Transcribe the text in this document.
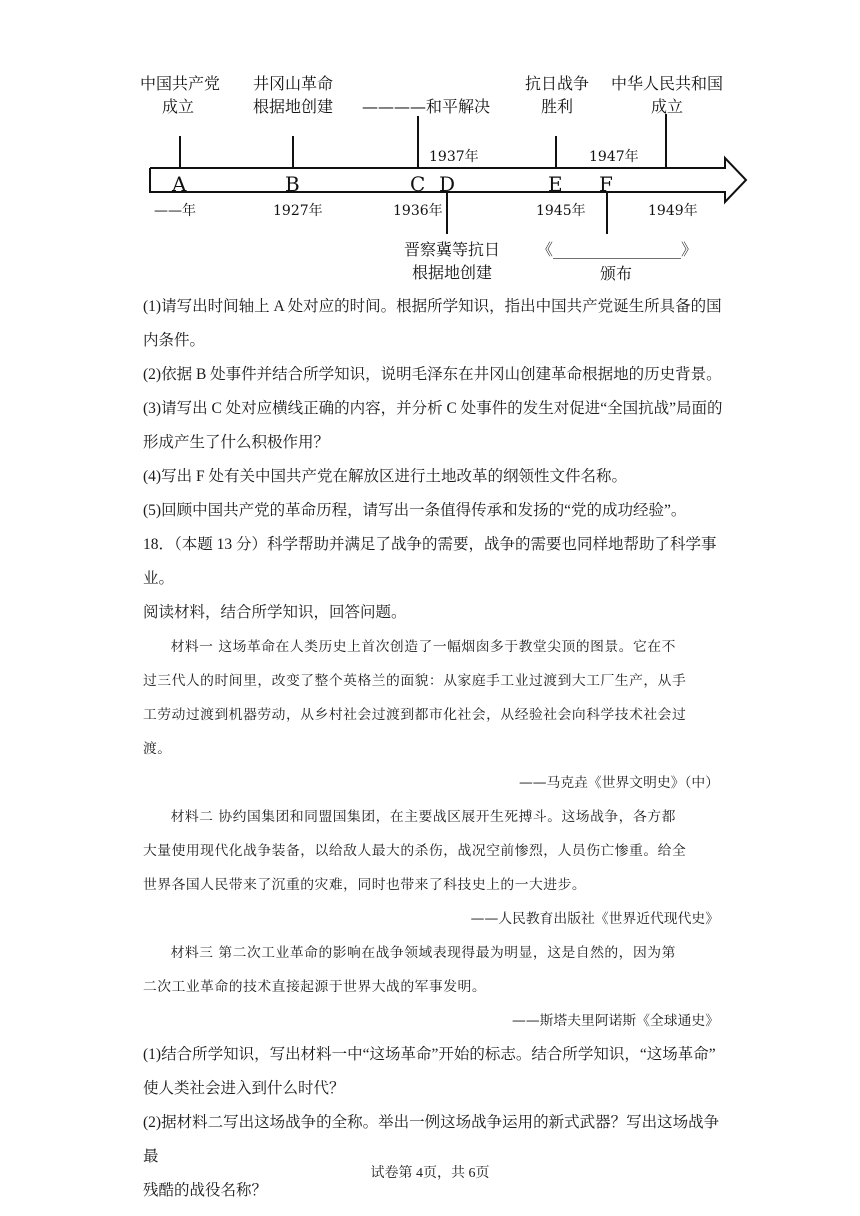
中国共产党
成立
井冈山革命
根据地创建 ————和平解决
抗日战争
胜利
中华人民共和国
成立
1937年	1947年
A	B	C D	E F
——年	1927年	1936年	1945年	1949年
晋察冀等抗日
根据地创建
《________________》
颁布

(1)请写出时间轴上 A 处对应的时间。根据所学知识，指出中国共产党诞生所具备的国

内条件。

(2)依据 B 处事件并结合所学知识，说明毛泽东在井冈山创建革命根据地的历史背景。

(3)请写出 C 处对应横线正确的内容，并分析 C 处事件的发生对促进“全国抗战”局面的

形成产生了什么积极作用？

(4)写出 F 处有关中国共产党在解放区进行土地改革的纲领性文件名称。

(5)回顾中国共产党的革命历程，请写出一条值得传承和发扬的“党的成功经验”。

18．（本题 13 分）科学帮助并满足了战争的需要，战争的需要也同样地帮助了科学事业。

阅读材料，结合所学知识，回答问题。

材料一 这场革命在人类历史上首次创造了一幅烟囱多于教堂尖顶的图景。它在不

过三代人的时间里，改变了整个英格兰的面貌：从家庭手工业过渡到大工厂生产，从手

工劳动过渡到机器劳动，从乡村社会过渡到都市化社会，从经验社会向科学技术社会过

渡。

——马克垚《世界文明史》（中）

材料二 协约国集团和同盟国集团，在主要战区展开生死搏斗。这场战争，各方都

大量使用现代化战争装备，以给敌人最大的杀伤，战况空前惨烈，人员伤亡惨重。给全

世界各国人民带来了沉重的灾难，同时也带来了科技史上的一大进步。

——人民教育出版社《世界近代现代史》

材料三 第二次工业革命的影响在战争领域表现得最为明显，这是自然的，因为第

二次工业革命的技术直接起源于世界大战的军事发明。

——斯塔夫里阿诺斯《全球通史》

(1)结合所学知识，写出材料一中“这场革命”开始的标志。结合所学知识，“这场革命”

使人类社会进入到什么时代？

(2)据材料二写出这场战争的全称。举出一例这场战争运用的新式武器？写出这场战争最

残酷的战役名称？

试卷第 4页，共 6页
